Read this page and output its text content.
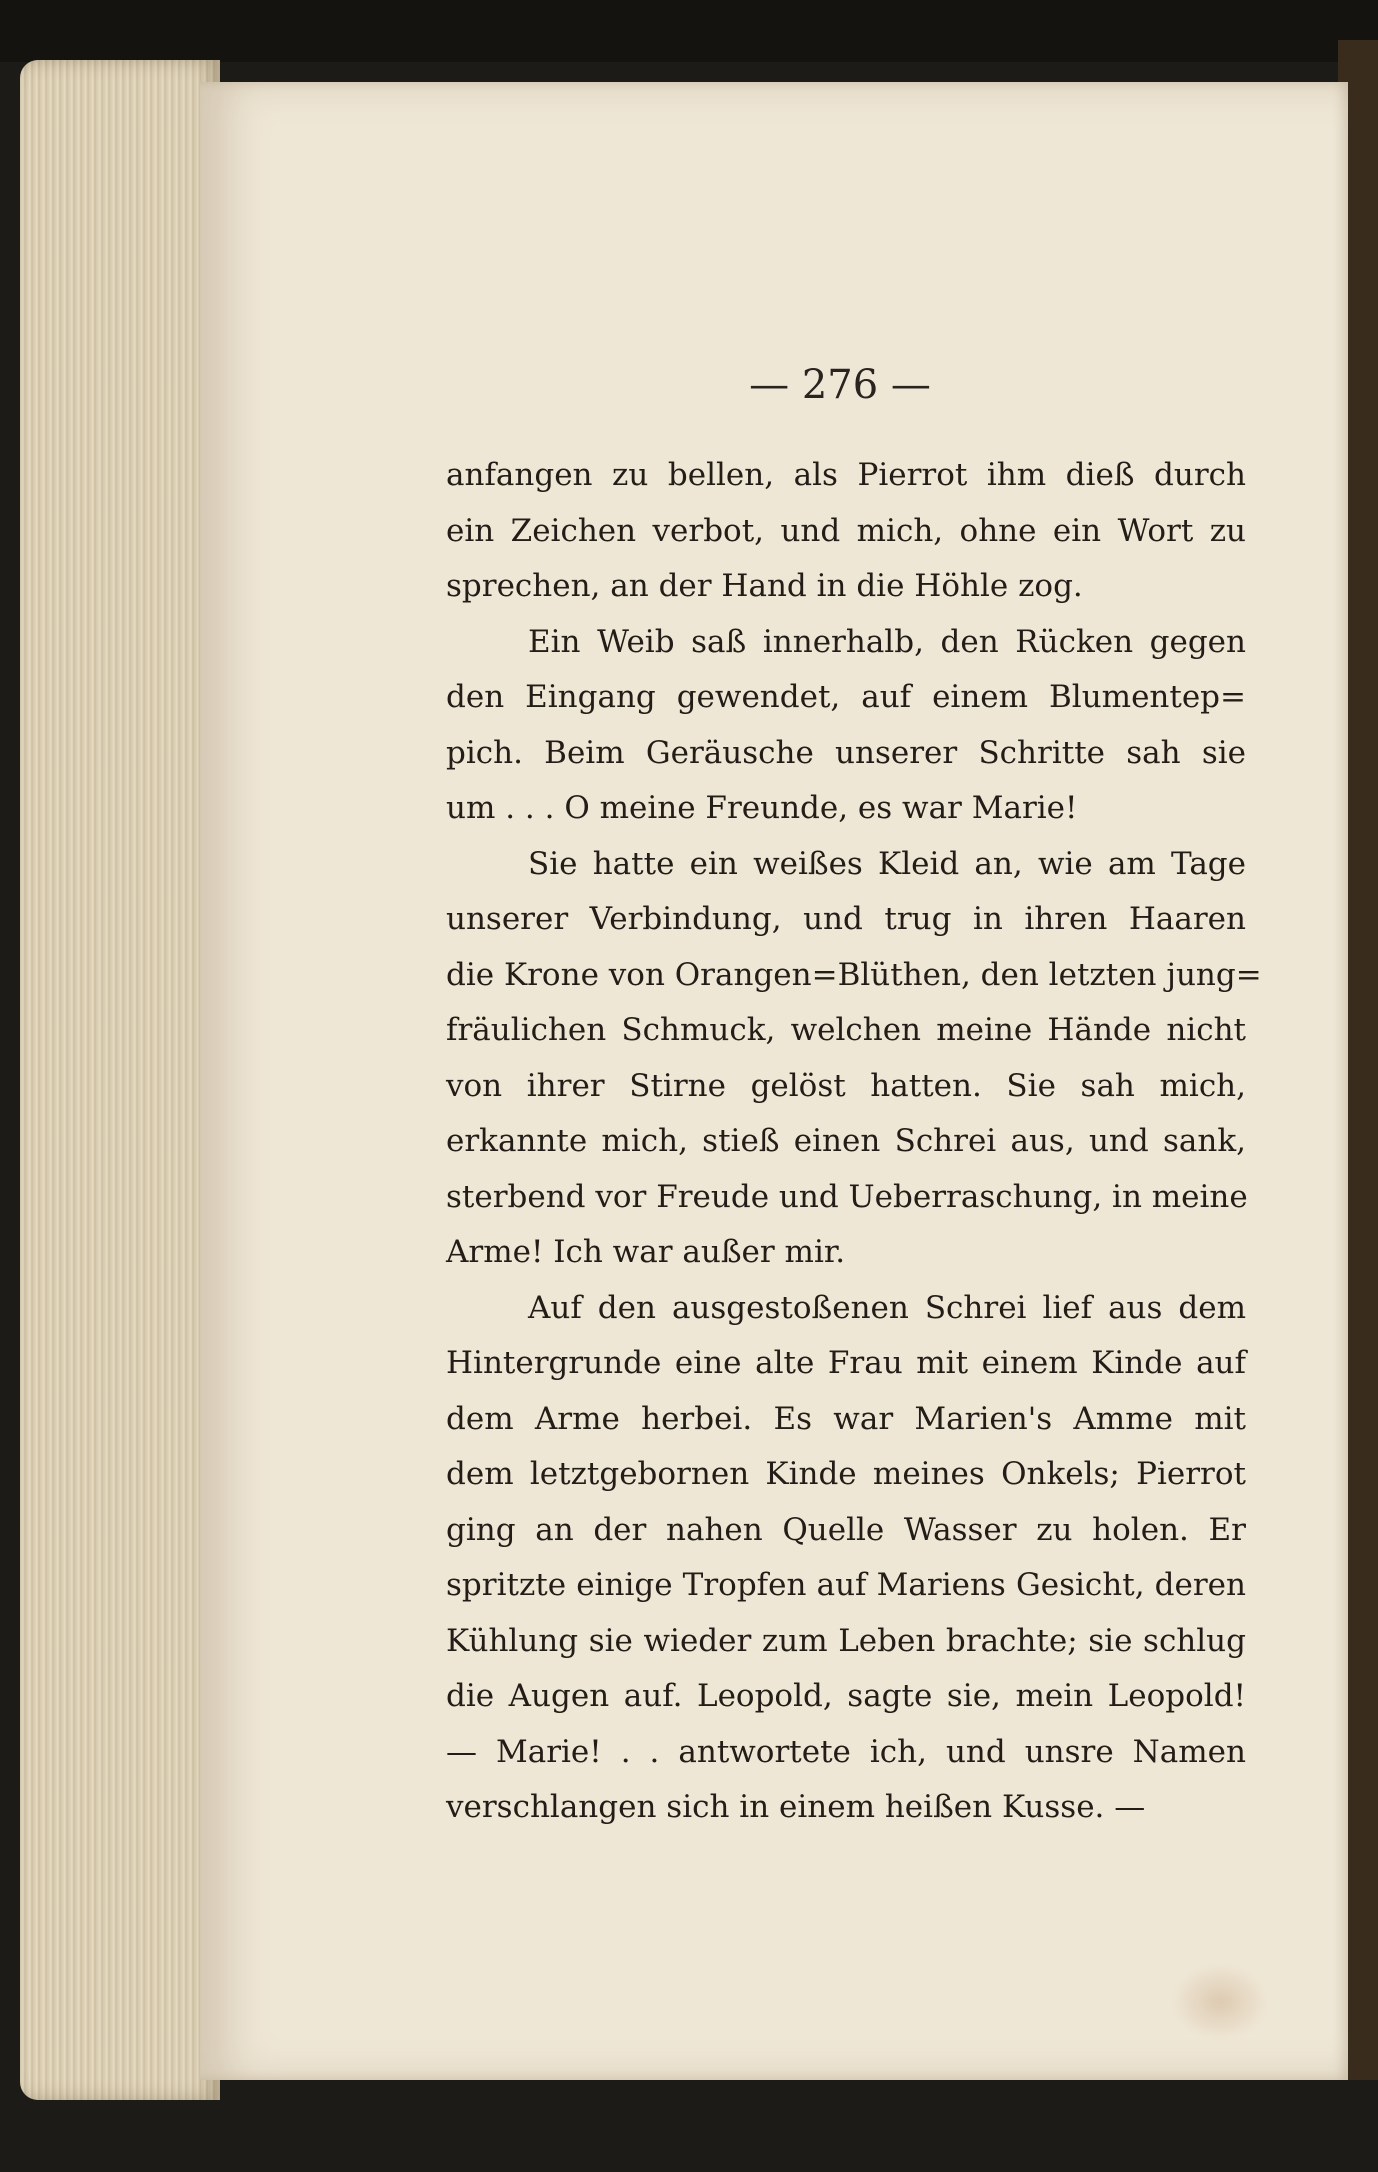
— 276 —
anfangen zu bellen, als Pierrot ihm dieß durch
ein Zeichen verbot, und mich, ohne ein Wort zu
sprechen, an der Hand in die Höhle zog.
Ein Weib saß innerhalb, den Rücken gegen
den Eingang gewendet, auf einem Blumentep=
pich. Beim Geräusche unserer Schritte sah sie
um . . . O meine Freunde, es war Marie!
Sie hatte ein weißes Kleid an, wie am Tage
unserer Verbindung, und trug in ihren Haaren
die Krone von Orangen=Blüthen, den letzten jung=
fräulichen Schmuck, welchen meine Hände nicht
von ihrer Stirne gelöst hatten. Sie sah mich,
erkannte mich, stieß einen Schrei aus, und sank,
sterbend vor Freude und Ueberraschung, in meine
Arme! Ich war außer mir.
Auf den ausgestoßenen Schrei lief aus dem
Hintergrunde eine alte Frau mit einem Kinde auf
dem Arme herbei. Es war Marien's Amme mit
dem letztgebornen Kinde meines Onkels; Pierrot
ging an der nahen Quelle Wasser zu holen. Er
spritzte einige Tropfen auf Mariens Gesicht, deren
Kühlung sie wieder zum Leben brachte; sie schlug
die Augen auf. Leopold, sagte sie, mein Leopold!
— Marie! . . antwortete ich, und unsre Namen
verschlangen sich in einem heißen Kusse. —
